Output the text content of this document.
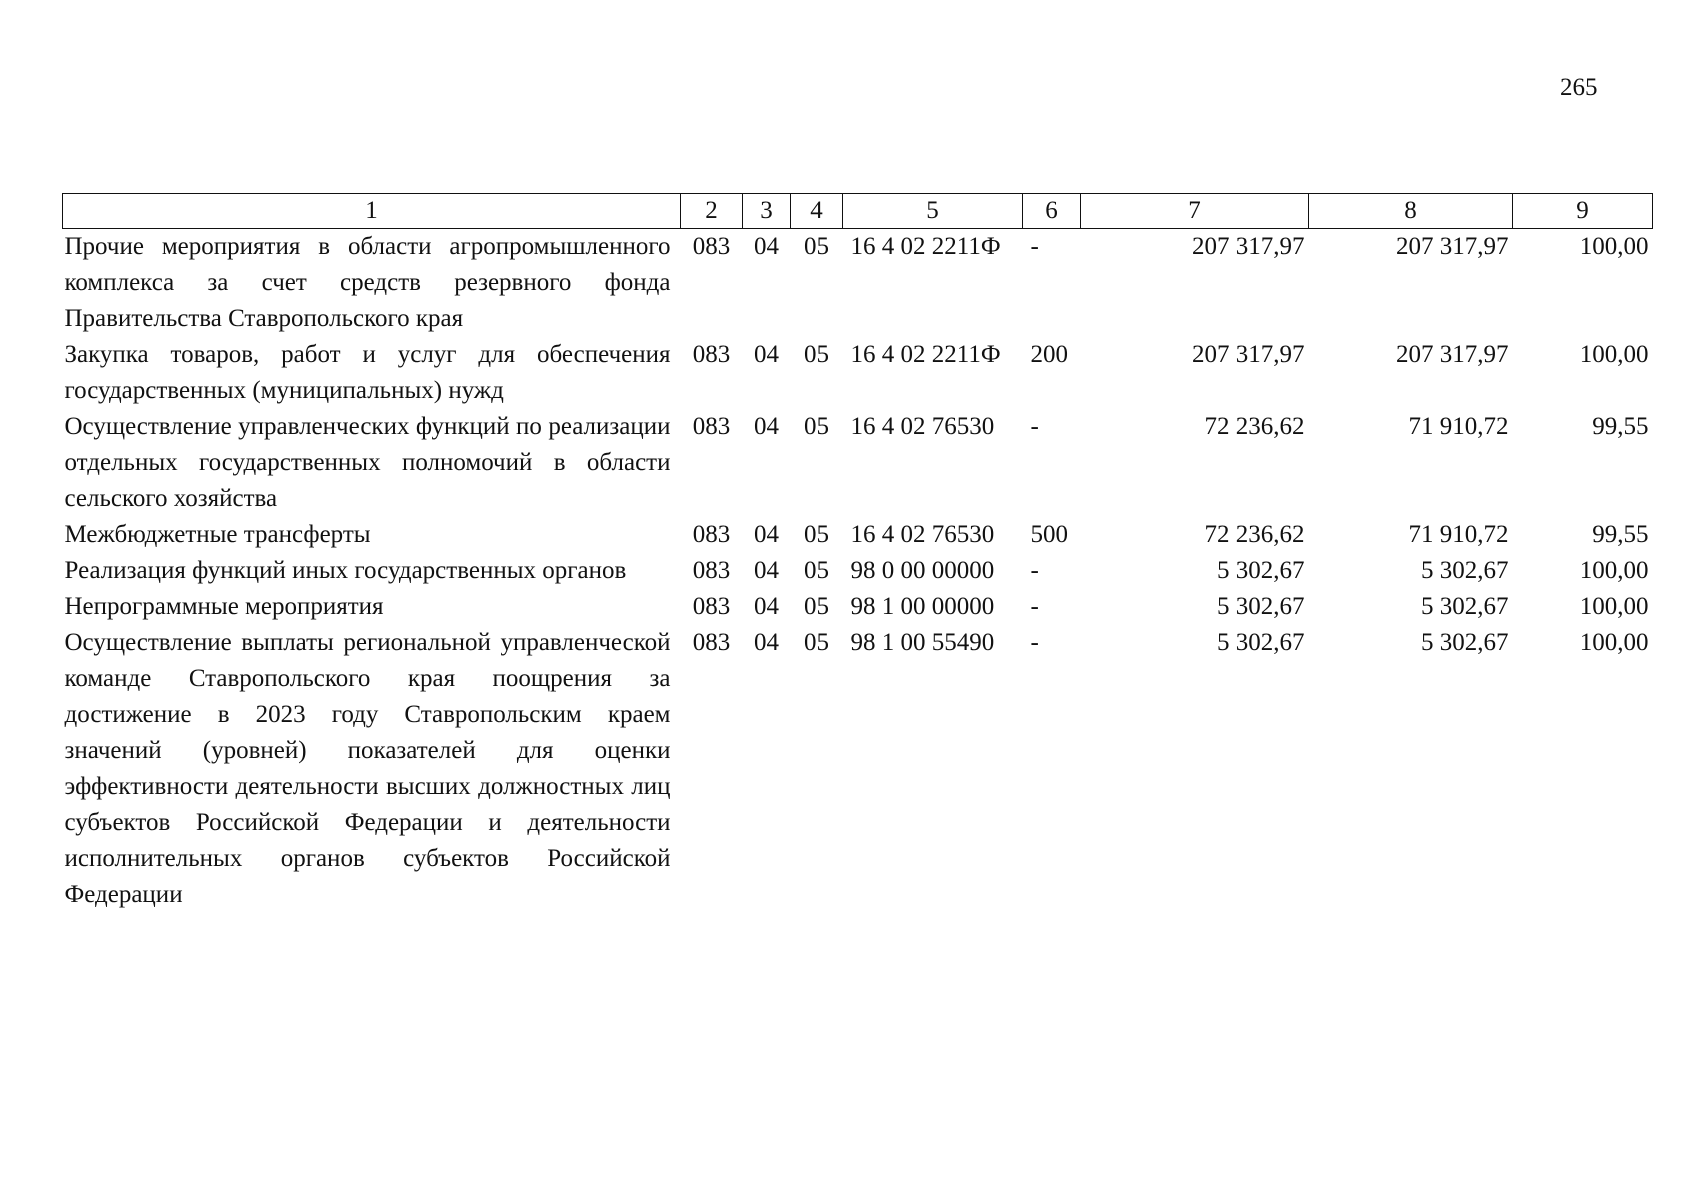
265
1	2	3	4	5	6	7	8	9
Прочие мероприятия в области агропромышленного комплекса за счет средств резервного фонда Правительства Ставропольского края	083	04	05	16 4 02 2211Ф	-	207 317,97	207 317,97	100,00
Закупка товаров, работ и услуг для обеспечения государственных (муниципальных) нужд	083	04	05	16 4 02 2211Ф	200	207 317,97	207 317,97	100,00
Осуществление управленческих функций по реализации отдельных государственных полномочий в области сельского хозяйства	083	04	05	16 4 02 76530	-	72 236,62	71 910,72	99,55
Межбюджетные трансферты	083	04	05	16 4 02 76530	500	72 236,62	71 910,72	99,55
Реализация функций иных государственных органов	083	04	05	98 0 00 00000	-	5 302,67	5 302,67	100,00
Непрограммные мероприятия	083	04	05	98 1 00 00000	-	5 302,67	5 302,67	100,00
Осуществление выплаты региональной управленческой команде Ставропольского края поощрения за достижение в 2023 году Ставропольским краем значений (уровней) показателей для оценки эффективности деятельности высших должностных лиц субъектов Российской Федерации и деятельности исполнительных органов субъектов Российской Федерации	083	04	05	98 1 00 55490	-	5 302,67	5 302,67	100,00
